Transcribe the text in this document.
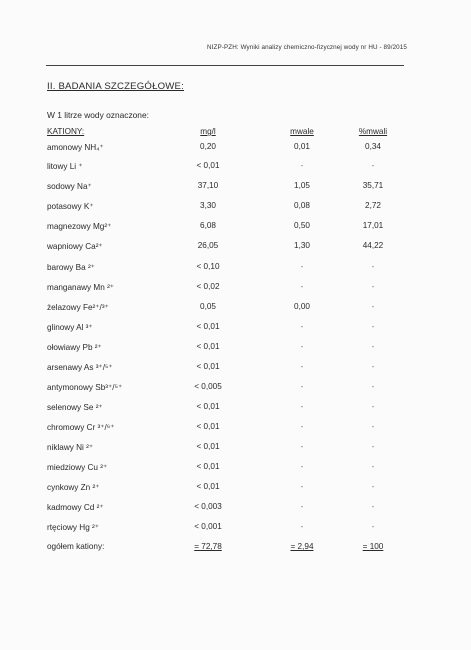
NIZP-PZH: Wyniki analizy chemiczno-fizycznej wody nr HU - 89/2015
II. BADANIA SZCZEGÓŁOWE:
W 1 litrze wody oznaczone:
KATIONY:	mg/l	mwale	%mwali
amonowy NH₄⁺	0,20	0,01	0,34
litowy Li ⁺	< 0,01	-	-
sodowy Na⁺	37,10	1,05	35,71
potasowy K⁺	3,30	0,08	2,72
magnezowy Mg²⁺	6,08	0,50	17,01
wapniowy Ca²⁺	26,05	1,30	44,22
barowy Ba ²⁺	< 0,10	-	-
manganawy Mn ²⁺	< 0,02	-	-
żelazowy Fe²⁺/³⁺	0,05	0,00	-
glinowy Al ³⁺	< 0,01	-	-
ołowiawy Pb ²⁺	< 0,01	-	-
arsenawy As ³⁺/⁵⁺	< 0,01	-	-
antymonowy Sb³⁺/⁵⁺	< 0,005	-	-
selenowy Se ²⁺	< 0,01	-	-
chromowy Cr ³⁺/⁶⁺	< 0,01	-	-
niklawy Ni ²⁺	< 0,01	-	-
miedziowy Cu ²⁺	< 0,01	-	-
cynkowy Zn ²⁺	< 0,01	-	-
kadmowy Cd ²⁺	< 0,003	-	-
rtęciowy Hg ²⁺	< 0,001	-	-
ogółem kationy:	= 72,78	= 2,94	= 100
